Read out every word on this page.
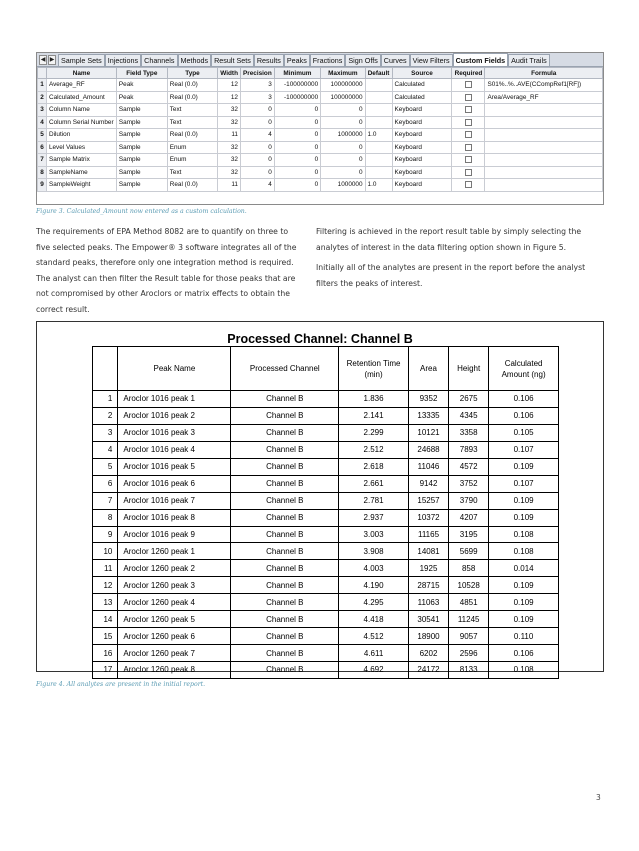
◀ ▶ Sample Sets Injections Channels Methods Result Sets Results Peaks Fractions Sign Offs Curves View Filters Custom Fields Audit Trails
	Name	Field Type	Type	Width	Precision	Minimum	Maximum	Default	Source	Required	Formula
1	Average_RF	Peak	Real (0.0)	12	3	-100000000	100000000		Calculated		S01%..%..AVE(CCompRef1[RF])
2	Calculated_Amount	Peak	Real (0.0)	12	3	-100000000	100000000		Calculated		Area/Average_RF
3	Column Name	Sample	Text	32	0	0	0		Keyboard		
4	Column Serial Number	Sample	Text	32	0	0	0		Keyboard		
5	Dilution	Sample	Real (0.0)	11	4	0	1000000	1.0	Keyboard		
6	Level Values	Sample	Enum	32	0	0	0		Keyboard		
7	Sample Matrix	Sample	Enum	32	0	0	0		Keyboard		
8	SampleName	Sample	Text	32	0	0	0		Keyboard		
9	SampleWeight	Sample	Real (0.0)	11	4	0	1000000	1.0	Keyboard		
Figure 3. Calculated_Amount now entered as a custom calculation.

The requirements of EPA Method 8082 are to quantify on three to five selected peaks. The Empower® 3 software integrates all of the standard peaks, therefore only one integration method is required. The analyst can then filter the Result table for those peaks that are not compromised by other Aroclors or matrix effects to obtain the correct result.

Filtering is achieved in the report result table by simply selecting the analytes of interest in the data filtering option shown in Figure 5.

Initially all of the analytes are present in the report before the analyst filters the peaks of interest.

Processed Channel: Channel B
	Peak Name	Processed Channel	Retention Time (min)	Area	Height	Calculated Amount (ng)
1	Aroclor 1016 peak 1	Channel B	1.836	9352	2675	0.106
2	Aroclor 1016 peak 2	Channel B	2.141	13335	4345	0.106
3	Aroclor 1016 peak 3	Channel B	2.299	10121	3358	0.105
4	Aroclor 1016 peak 4	Channel B	2.512	24688	7893	0.107
5	Aroclor 1016 peak 5	Channel B	2.618	11046	4572	0.109
6	Aroclor 1016 peak 6	Channel B	2.661	9142	3752	0.107
7	Aroclor 1016 peak 7	Channel B	2.781	15257	3790	0.109
8	Aroclor 1016 peak 8	Channel B	2.937	10372	4207	0.109
9	Aroclor 1016 peak 9	Channel B	3.003	11165	3195	0.108
10	Aroclor 1260 peak 1	Channel B	3.908	14081	5699	0.108
11	Aroclor 1260 peak 2	Channel B	4.003	1925	858	0.014
12	Aroclor 1260 peak 3	Channel B	4.190	28715	10528	0.109
13	Aroclor 1260 peak 4	Channel B	4.295	11063	4851	0.109
14	Aroclor 1260 peak 5	Channel B	4.418	30541	11245	0.109
15	Aroclor 1260 peak 6	Channel B	4.512	18900	9057	0.110
16	Aroclor 1260 peak 7	Channel B	4.611	6202	2596	0.106
17	Aroclor 1260 peak 8	Channel B	4.692	24172	8133	0.108
Figure 4. All analytes are present in the initial report.
3
